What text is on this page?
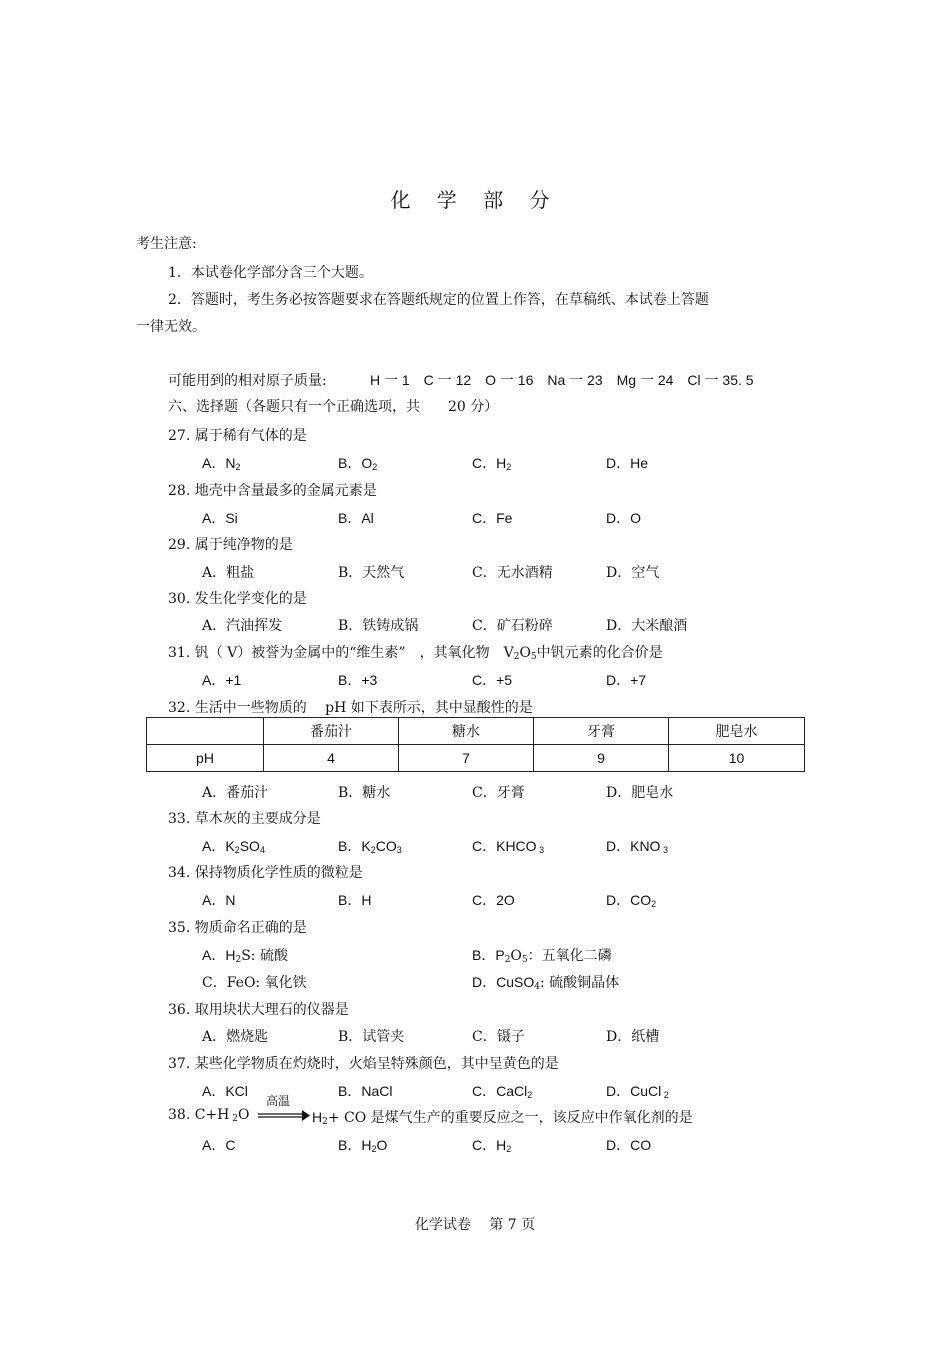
化 学 部 分
考生注意:
1．本试卷化学部分含三个大题。
2．答题时，考生务必按答题要求在答题纸规定的位置上作答，在草稿纸、本试卷上答题
一律无效。
可能用到的相对原子质量:	H 一 1　C 一 12　O 一 16　Na 一 23　Mg 一 24　Cl 一 35. 5
六、选择题（各题只有一个正确选项，共　　20 分）
27. 属于稀有气体的是
A．$N_2$	B．$O_2$	C．$H_2$	D．He
28. 地壳中含量最多的金属元素是
A．Si	B．Al	C．Fe	D．O
29. 属于纯净物的是
A．粗盐	B．天然气	C．无水酒精	D．空气
30. 发生化学变化的是
A．汽油挥发	B．铁铸成锅	C．矿石粉碎	D．大米酿酒
31. 钒（ V）被誉为金属中的“维生素”　，其氧化物　$V_2O_5$中钒元素的化合价是
A．+1	B．+3	C．+5	D．+7
32. 生活中一些物质的　 pH 如下表所示，其中显酸性的是
	番茄汁	糖水	牙膏	肥皂水
pH	4	7	9	10
A．番茄汁	B．糖水	C．牙膏	D．肥皂水
33. 草木灰的主要成分是
A．$K_2SO_4$	B．$K_2CO_3$	C．KHCO $_3$	D．KNO $_3$
34. 保持物质化学性质的微粒是
A．N	B．H	C．2O	D．$CO_2$
35. 物质命名正确的是
A．$H_2S$: 硫酸	B．$P_2O_5$：五氧化二磷
C．FeO: 氧化铁	D．CuSO$_4$: 硫酸铜晶体
36. 取用块状大理石的仪器是
A．燃烧匙	B．试管夹	C．镊子	D．纸槽
37. 某些化学物质在灼烧时，火焰呈特殊颜色，其中呈黄色的是
A．KCl	B．NaCl	C．CaCl$_2$	D．CuCl $_2$
38. C+H $_2$O
高温
$H_2+$ CO 是煤气生产的重要反应之一，该反应中作氧化剂的是
A．C	B．$H_2O$	C．$H_2$	D．CO
化学试卷　 第 7 页
